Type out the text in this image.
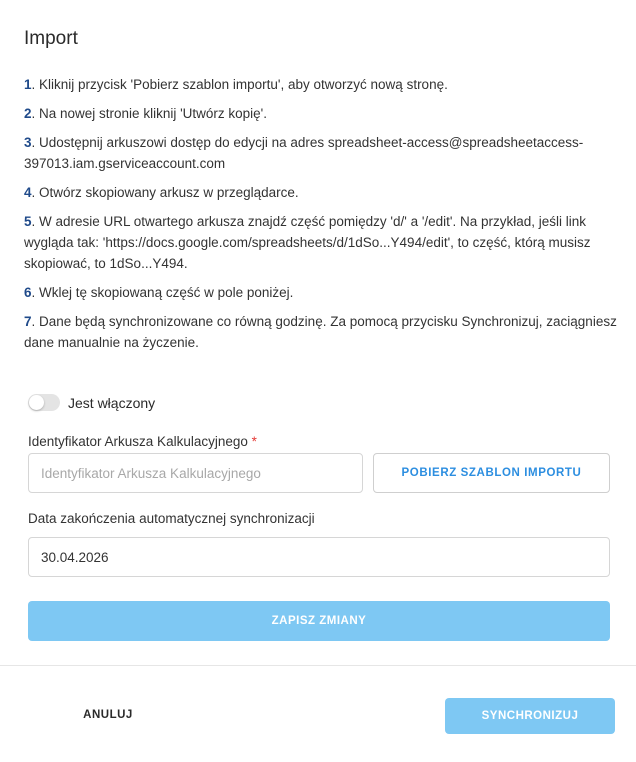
Import
1. Kliknij przycisk 'Pobierz szablon importu', aby otworzyć nową stronę.
2. Na nowej stronie kliknij 'Utwórz kopię'.
3. Udostępnij arkuszowi dostęp do edycji na adres spreadsheet-access@spreadsheetaccess-397013.iam.gserviceaccount.com
4. Otwórz skopiowany arkusz w przeglądarce.
5. W adresie URL otwartego arkusza znajdź część pomiędzy 'd/' a '/edit'. Na przykład, jeśli link wygląda tak: 'https://docs.google.com/spreadsheets/d/1dSo...Y494/edit', to część, którą musisz skopiować, to 1dSo...Y494.
6. Wklej tę skopiowaną część w pole poniżej.
7. Dane będą synchronizowane co równą godzinę. Za pomocą przycisku Synchronizuj, zaciągniesz dane manualnie na życzenie.
Jest włączony
Identyfikator Arkusza Kalkulacyjnego *
Identyfikator Arkusza Kalkulacyjnego
POBIERZ SZABLON IMPORTU
Data zakończenia automatycznej synchronizacji
30.04.2026
ZAPISZ ZMIANY
ANULUJ	SYNCHRONIZUJ
